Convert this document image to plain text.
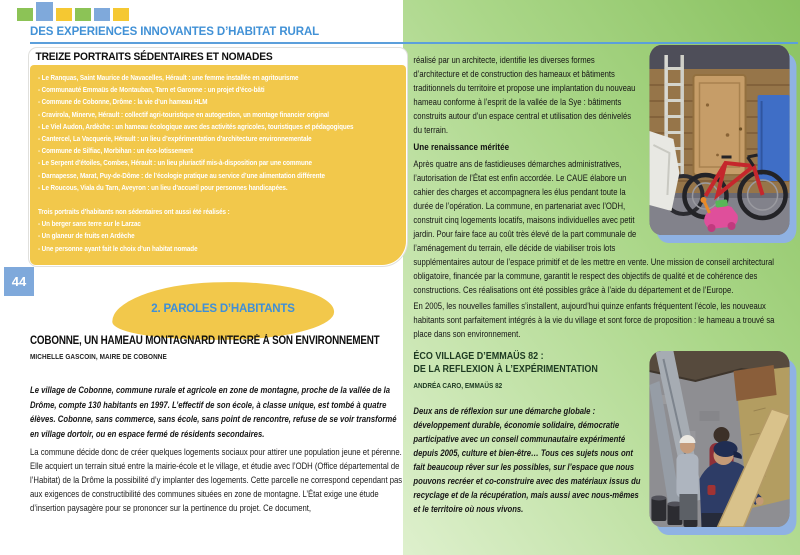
DES EXPERIENCES INNOVANTES D’HABITAT RURAL
TREIZE PORTRAITS SÉDENTAIRES ET NOMADES
- Le Ranquas, Saint Maurice de Navacelles, Hérault : une femme installée en agritourisme
- Communauté Emmaüs de Montauban, Tarn et Garonne : un projet d’éco-bâti
- Commune de Cobonne, Drôme : la vie d’un hameau HLM
- Cravirola, Minerve, Hérault : collectif agri-touristique en autogestion, un montage financier original
- Le Viel Audon, Ardèche : un hameau écologique avec des activités agricoles, touristiques et pédagogiques
- Cantercel, La Vacquerie, Hérault : un lieu d’expérimentation d’architecture environnementale
- Commune de Silfiac, Morbihan : un éco-lotissement
- Le Serpent d’étoiles, Combes, Hérault : un lieu pluriactif mis-à-disposition par une commune
- Darnapesse, Marat, Puy-de-Dôme : de l’écologie pratique au service d’une alimentation différente
- Le Roucous, Viala du Tarn, Aveyron : un lieu d’accueil pour personnes handicapées.
Trois portraits d’habitants non sédentaires ont aussi été réalisés :
- Un berger sans terre sur le Larzac
- Un glaneur de fruits en Ardèche
- Une personne ayant fait le choix d’un habitat nomade
44
2. PAROLES D’HABITANTS
COBONNE, UN HAMEAU MONTAGNARD INTEGRÉ À SON ENVIRONNEMENT
MICHELLE GASCOIN, MAIRE DE COBONNE
Le village de Cobonne, commune rurale et agricole en zone de montagne, proche de la vallée de la Drôme, compte 130 habitants en 1997. L’effectif de son école, à classe unique, est tombé à quatre élèves. Cobonne, sans commerce, sans école, sans point de rencontre, refuse de se voir transformé en village dortoir, ou en espace fermé de résidents secondaires.
La commune décide donc de créer quelques logements sociaux pour attirer une population jeune et pérenne. Elle acquiert un terrain situé entre la mairie-école et le village, et étudie avec l’ODH (Office départemental de l’Habitat) de la Drôme la possibilité d’y implanter des logements. Cette parcelle ne correspond cependant pas aux exigences de constructibilité des communes situées en zone de montagne. L’État exige une étude d’insertion paysagère pour se prononcer sur la pertinence du projet. Ce document,

réalisé par un architecte, identifie les diverses formes d’architecture et de construction des hameaux et bâtiments traditionnels du territoire et propose une implantation du nouveau hameau conforme à l’esprit de la vallée de la Sye : bâtiments construits autour d’un espace central et utilisation des dénivelés du terrain.

Une renaissance méritée

Après quatre ans de fastidieuses démarches administratives, l’autorisation de l’État est enfin accordée. Le CAUE élabore un cahier des charges et accompagnera les élus pendant toute la durée de l’opération. La commune, en partenariat avec l’ODH, construit cinq logements locatifs, maisons individuelles avec petit jardin. Pour faire face au coût très élevé de la part communale de l’aménagement du terrain, elle décide de viabiliser trois lots supplémentaires autour de l’espace primitif et de les mettre en vente. Une mission de conseil architectural obligatoire, financée par la commune, garantit le respect des objectifs de qualité et de cohérence des constructions. Ces réalisations ont été possibles grâce à l’aide du département et de l’Europe.

En 2005, les nouvelles familles s’installent, aujourd’hui quinze enfants fréquentent l’école, les nouveaux habitants sont parfaitement intégrés à la vie du village et sont force de proposition : le hameau a trouvé sa place dans son environnement.

ÉCO VILLAGE D’EMMAÜS 82 :
DE LA REFLEXION À L’EXPÉRIMENTATION
ANDRÉA CARO, EMMAÜS 82

Deux ans de réflexion sur une démarche globale : développement durable, économie solidaire, démocratie participative avec un conseil communautaire expérimenté depuis 2005, culture et bien-être… Tous ces sujets nous ont fait beaucoup rêver sur les possibles, sur l’espace que nous pouvons recréer et co-construire avec des matériaux issus du recyclage et de la récupération, mais aussi avec nous-mêmes et le territoire où nous vivons.
